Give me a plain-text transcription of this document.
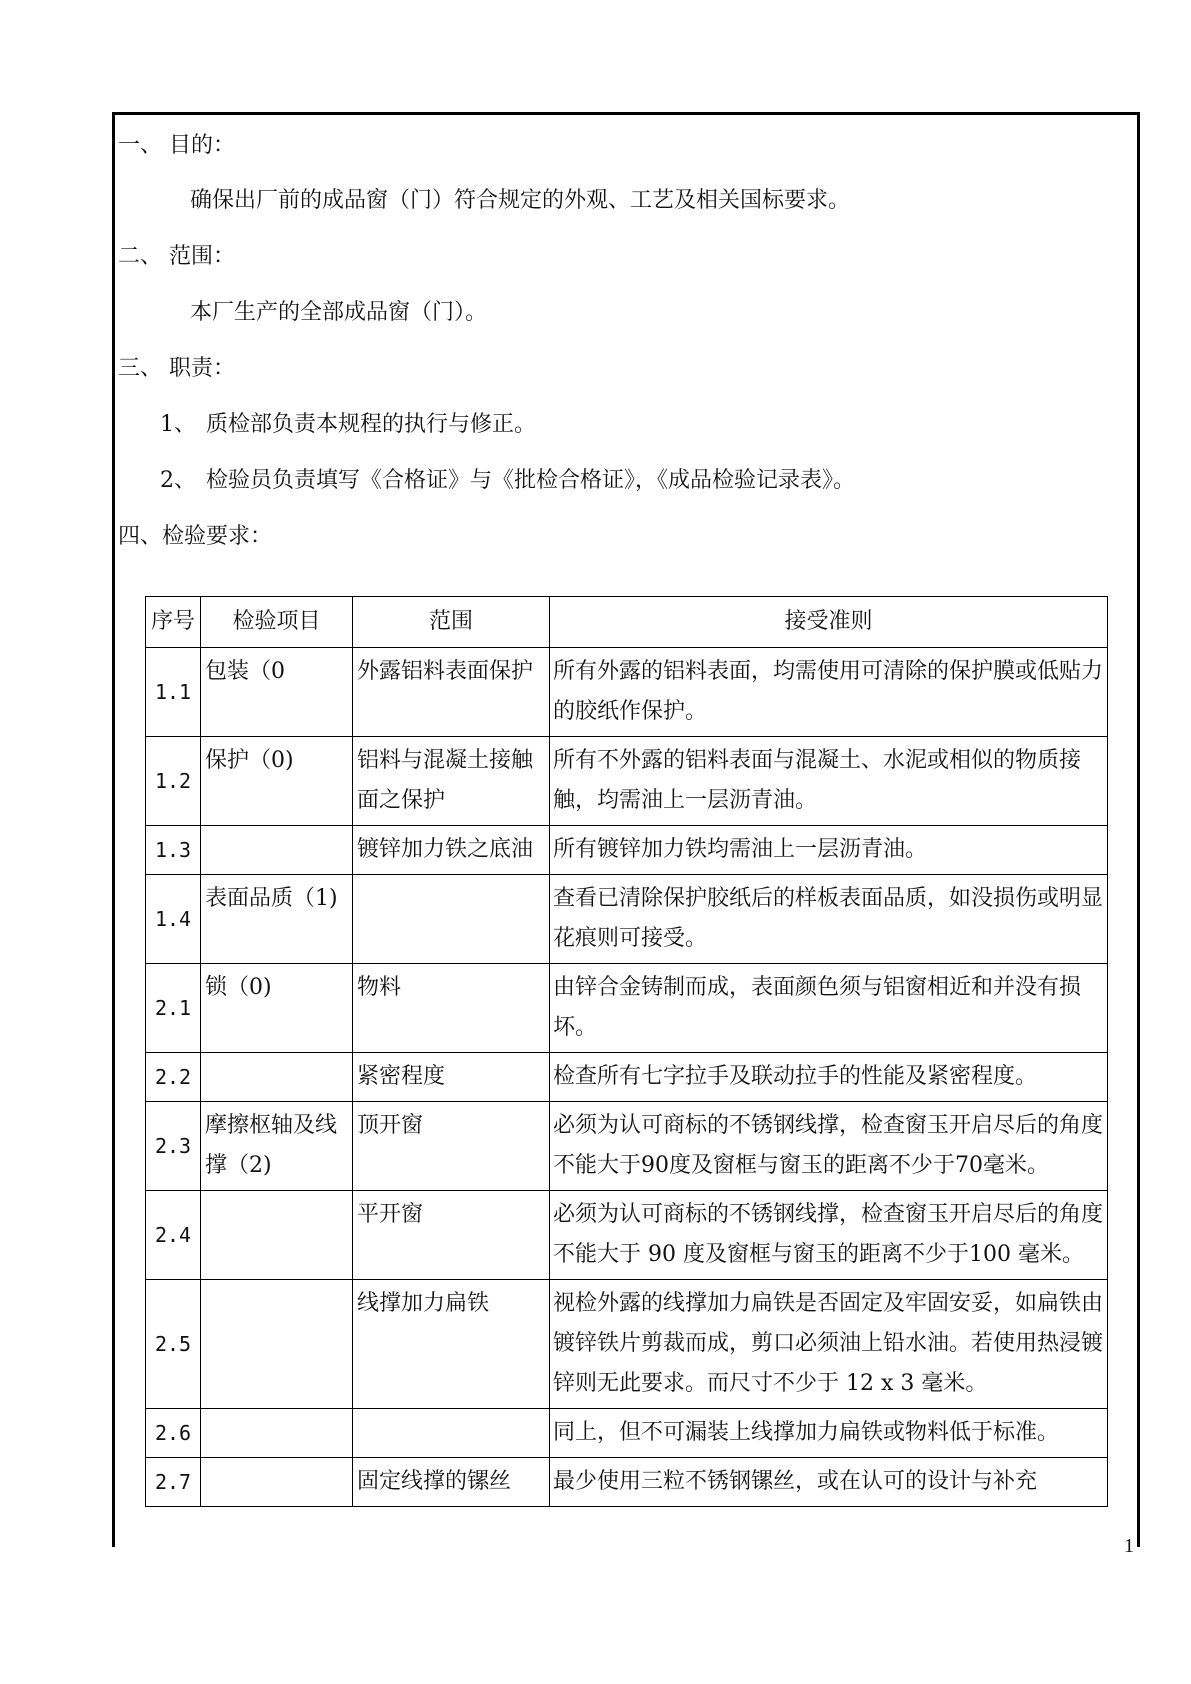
一、 目的：
确保出厂前的成品窗（门）符合规定的外观、工艺及相关国标要求。
二、 范围：
本厂生产的全部成品窗（门）。
三、 职责：
1、 质检部负责本规程的执行与修正。
2、 检验员负责填写《合格证》与《批检合格证》，《成品检验记录表》。
四、检验要求：
序号	检验项目	范围	接受准则
1.1	包装（0	外露铝料表面保护	所有外露的铝料表面，均需使用可清除的保护膜或低贴力的胶纸作保护。
1.2	保护（0)	铝料与混凝土接触面之保护	所有不外露的铝料表面与混凝土、水泥或相似的物质接触，均需油上一层沥青油。
1.3		镀锌加力铁之底油	所有镀锌加力铁均需油上一层沥青油。
1.4	表面品质（1)		查看已清除保护胶纸后的样板表面品质，如没损伤或明显花痕则可接受。
2.1	锁（0)	物料	由锌合金铸制而成，表面颜色须与铝窗相近和并没有损坏。
2.2		紧密程度	检查所有七字拉手及联动拉手的性能及紧密程度。
2.3	摩擦枢轴及线撑（2)	顶开窗	必须为认可商标的不锈钢线撑，检查窗玉开启尽后的角度不能大于90度及窗框与窗玉的距离不少于70毫米。
2.4		平开窗	必须为认可商标的不锈钢线撑，检查窗玉开启尽后的角度不能大于 90 度及窗框与窗玉的距离不少于100 毫米。
2.5		线撑加力扁铁	视检外露的线撑加力扁铁是否固定及牢固安妥，如扁铁由镀锌铁片剪裁而成，剪口必须油上铅水油。若使用热浸镀锌则无此要求。而尺寸不少于 12 x 3 毫米。
2.6			同上，但不可漏装上线撑加力扁铁或物料低于标准。
2.7		固定线撑的镙丝	最少使用三粒不锈钢镙丝，或在认可的设计与补充
1
